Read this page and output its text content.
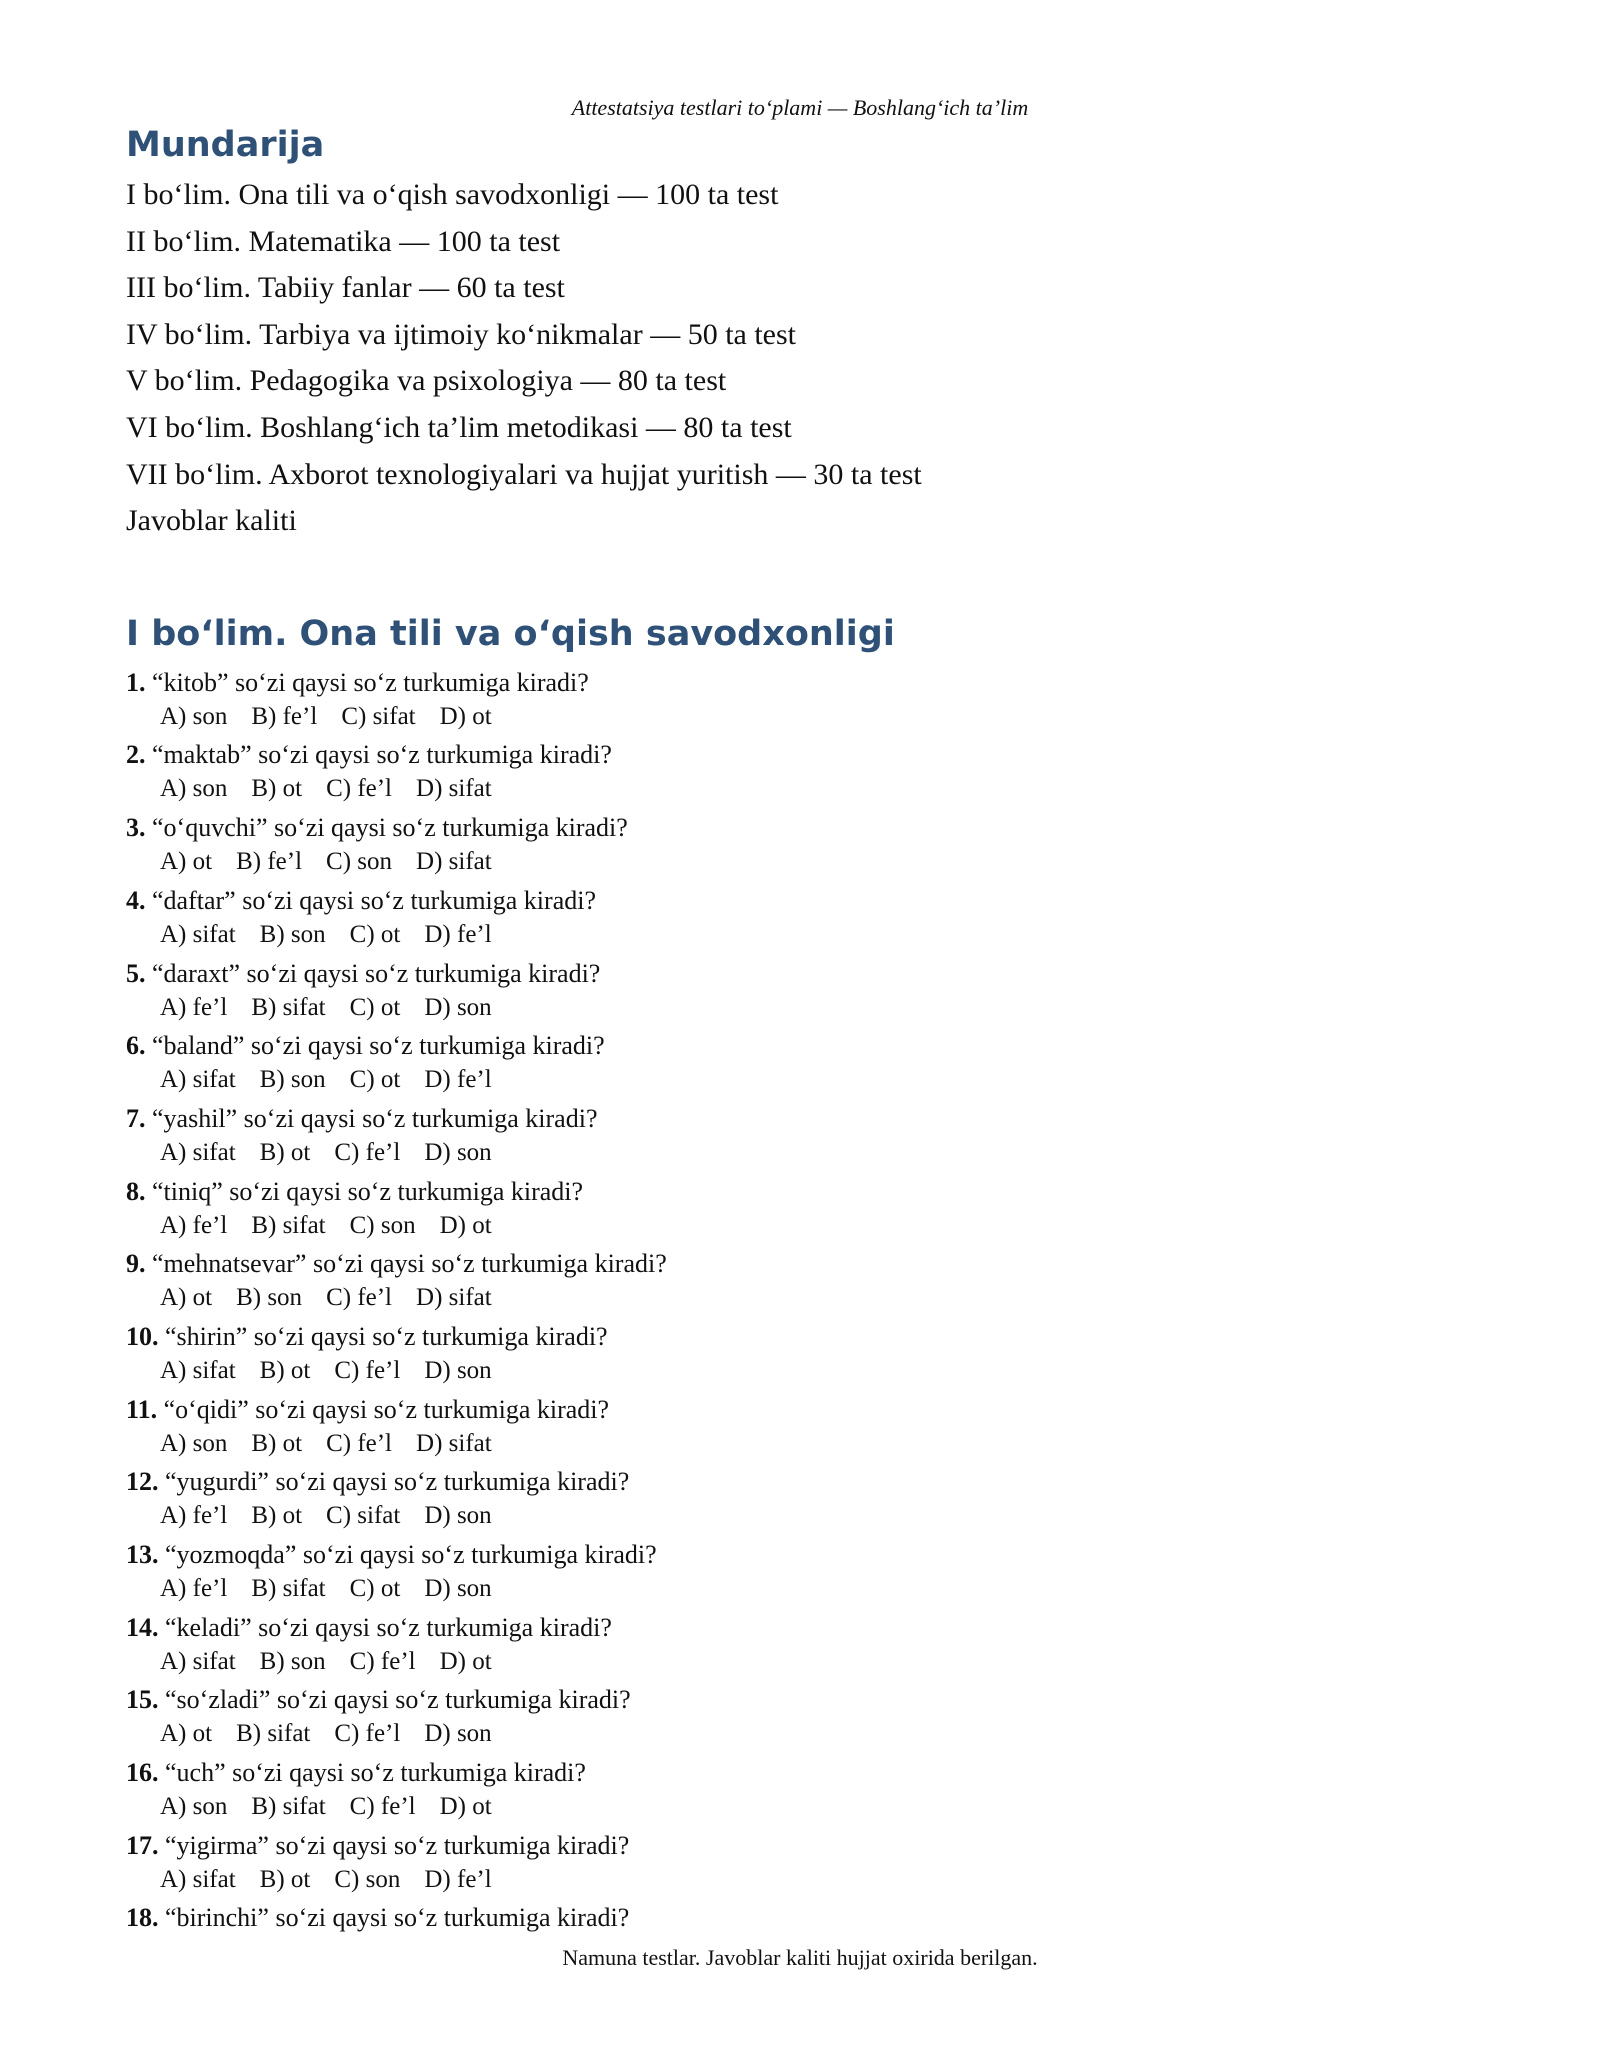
Attestatsiya testlari to‘plami — Boshlang‘ich ta’lim
Mundarija
I bo‘lim. Ona tili va o‘qish savodxonligi — 100 ta test
II bo‘lim. Matematika — 100 ta test
III bo‘lim. Tabiiy fanlar — 60 ta test
IV bo‘lim. Tarbiya va ijtimoiy ko‘nikmalar — 50 ta test
V bo‘lim. Pedagogika va psixologiya — 80 ta test
VI bo‘lim. Boshlang‘ich ta’lim metodikasi — 80 ta test
VII bo‘lim. Axborot texnologiyalari va hujjat yuritish — 30 ta test
Javoblar kaliti
I bo‘lim. Ona tili va o‘qish savodxonligi
1. “kitob” so‘zi qaysi so‘z turkumiga kiradi?
A) son B) fe’l C) sifat D) ot
2. “maktab” so‘zi qaysi so‘z turkumiga kiradi?
A) son B) ot C) fe’l D) sifat
3. “o‘quvchi” so‘zi qaysi so‘z turkumiga kiradi?
A) ot B) fe’l C) son D) sifat
4. “daftar” so‘zi qaysi so‘z turkumiga kiradi?
A) sifat B) son C) ot D) fe’l
5. “daraxt” so‘zi qaysi so‘z turkumiga kiradi?
A) fe’l B) sifat C) ot D) son
6. “baland” so‘zi qaysi so‘z turkumiga kiradi?
A) sifat B) son C) ot D) fe’l
7. “yashil” so‘zi qaysi so‘z turkumiga kiradi?
A) sifat B) ot C) fe’l D) son
8. “tiniq” so‘zi qaysi so‘z turkumiga kiradi?
A) fe’l B) sifat C) son D) ot
9. “mehnatsevar” so‘zi qaysi so‘z turkumiga kiradi?
A) ot B) son C) fe’l D) sifat
10. “shirin” so‘zi qaysi so‘z turkumiga kiradi?
A) sifat B) ot C) fe’l D) son
11. “o‘qidi” so‘zi qaysi so‘z turkumiga kiradi?
A) son B) ot C) fe’l D) sifat
12. “yugurdi” so‘zi qaysi so‘z turkumiga kiradi?
A) fe’l B) ot C) sifat D) son
13. “yozmoqda” so‘zi qaysi so‘z turkumiga kiradi?
A) fe’l B) sifat C) ot D) son
14. “keladi” so‘zi qaysi so‘z turkumiga kiradi?
A) sifat B) son C) fe’l D) ot
15. “so‘zladi” so‘zi qaysi so‘z turkumiga kiradi?
A) ot B) sifat C) fe’l D) son
16. “uch” so‘zi qaysi so‘z turkumiga kiradi?
A) son B) sifat C) fe’l D) ot
17. “yigirma” so‘zi qaysi so‘z turkumiga kiradi?
A) sifat B) ot C) son D) fe’l
18. “birinchi” so‘zi qaysi so‘z turkumiga kiradi?
Namuna testlar. Javoblar kaliti hujjat oxirida berilgan.
